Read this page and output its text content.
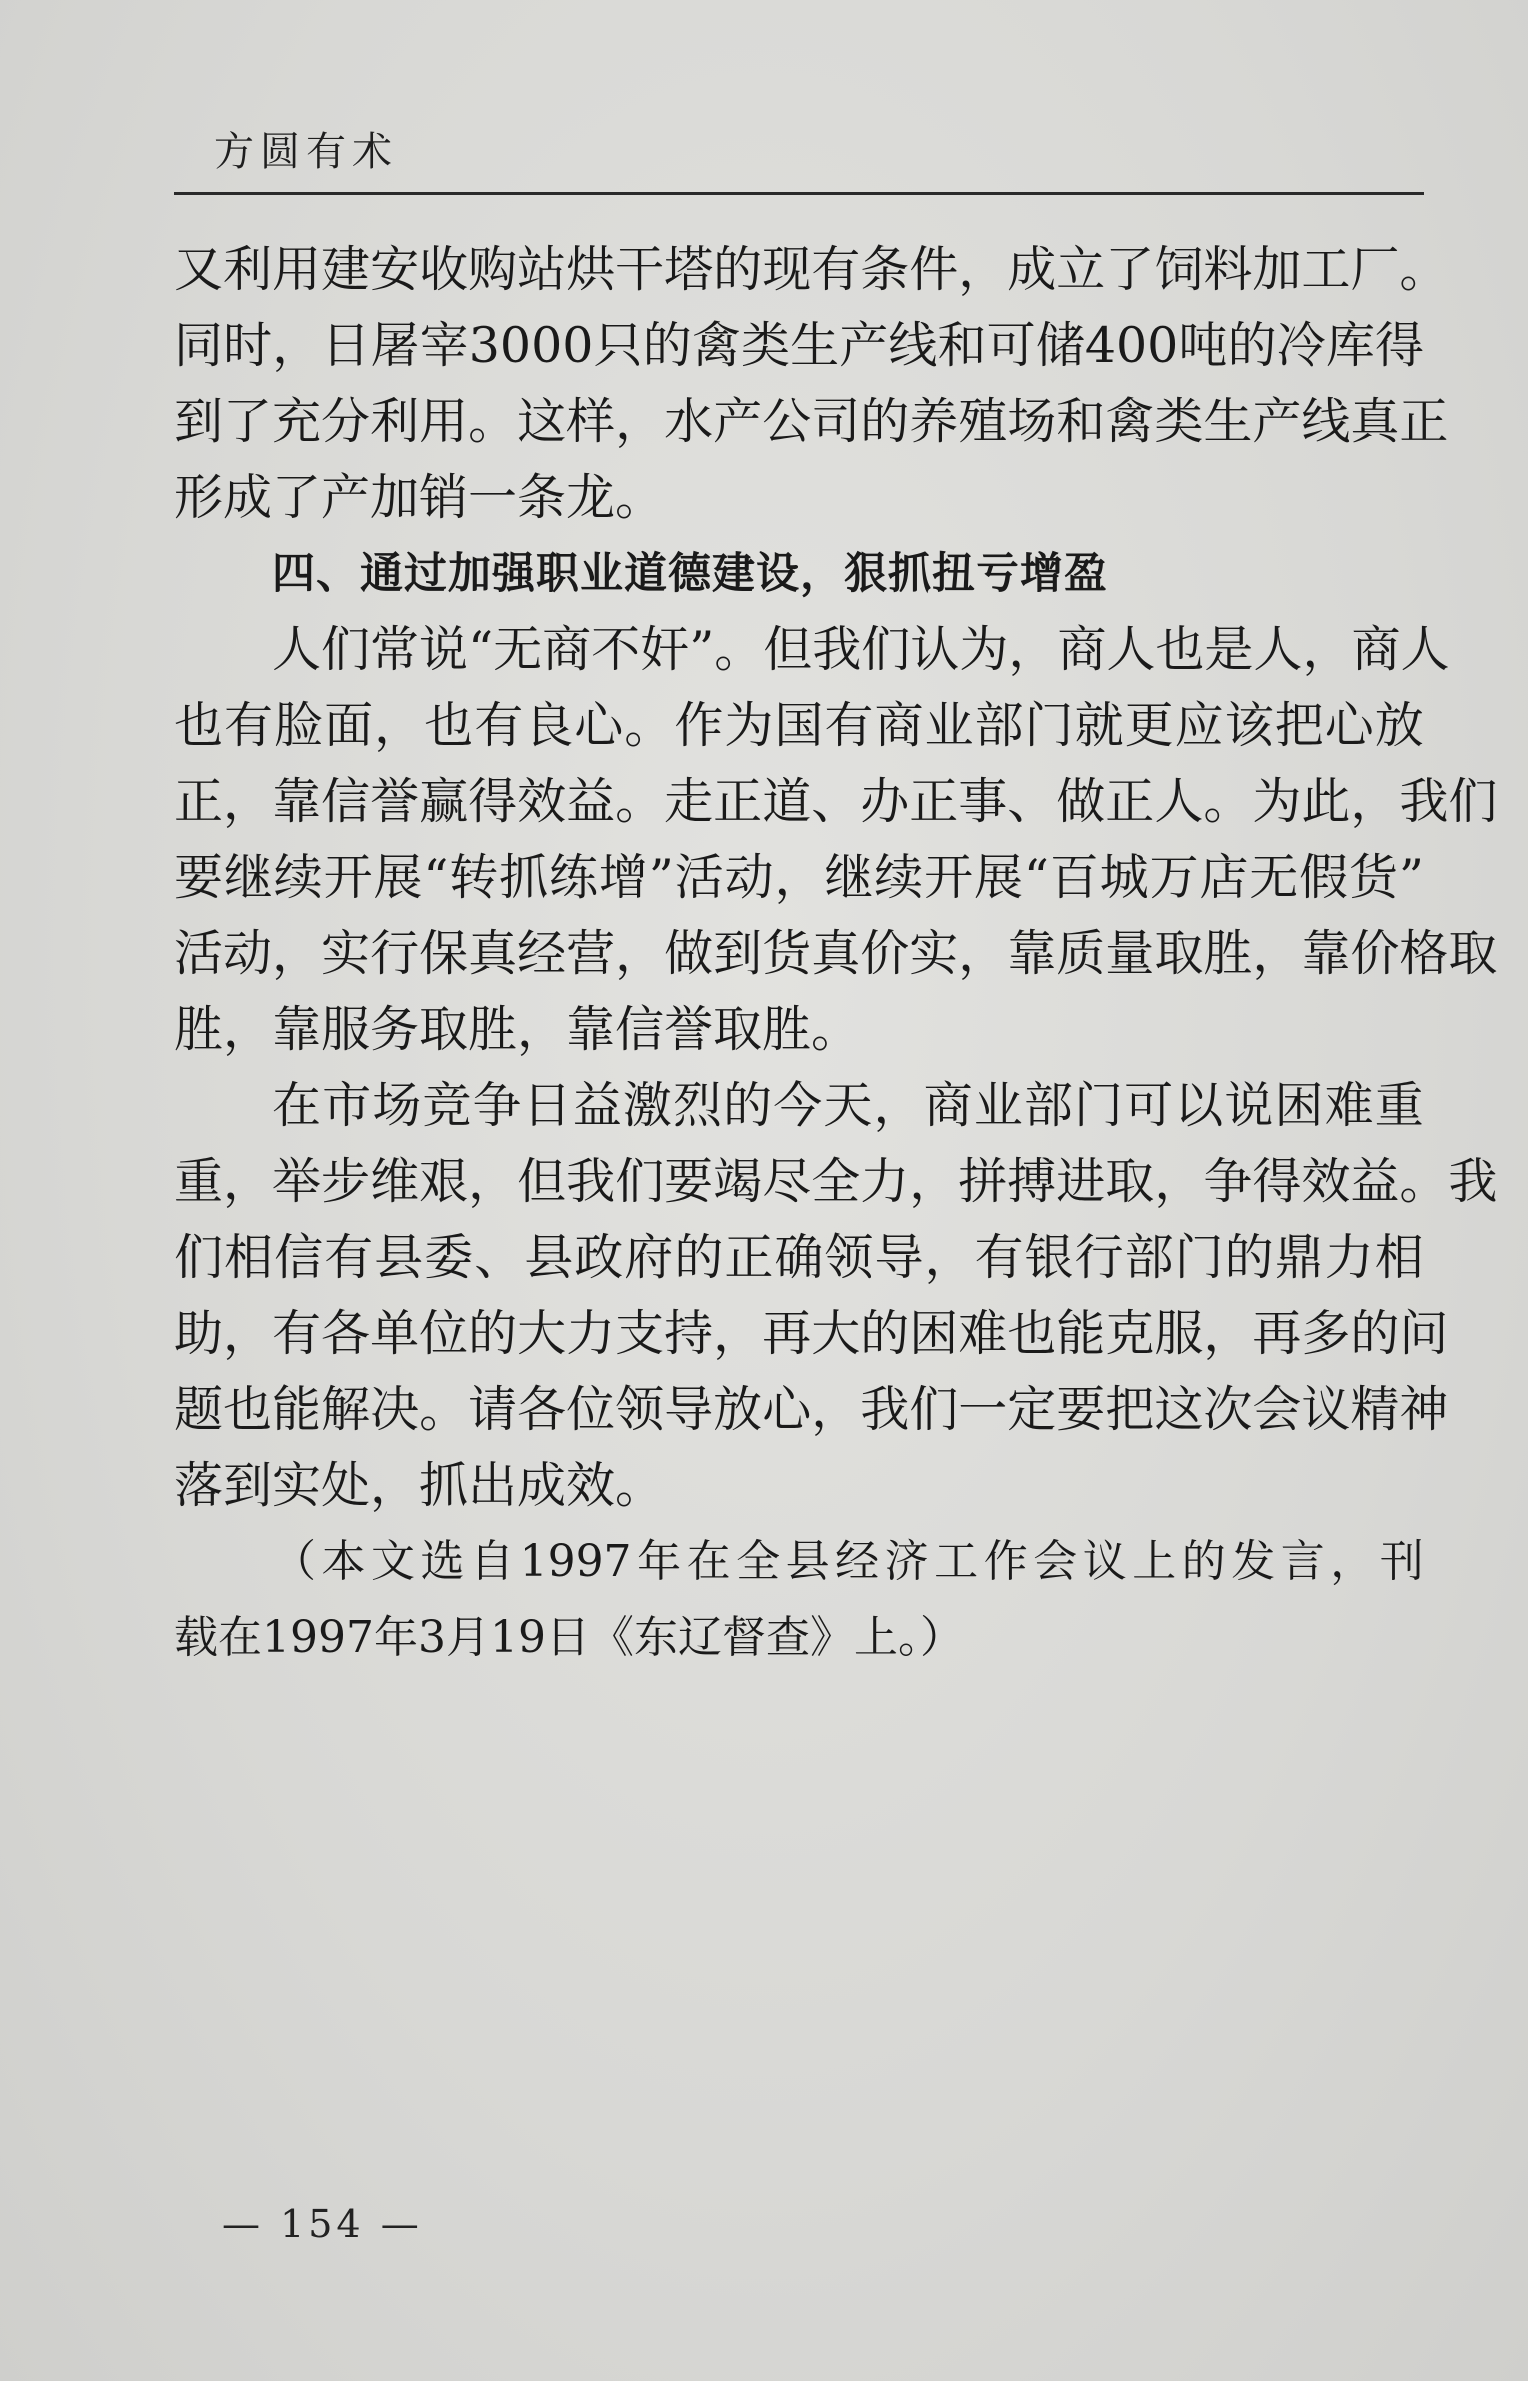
方圆有术
又 利 用 建 安 收 购 站 烘 干 塔 的 现 有 条 件 ， 成 立 了 饲 料 加 工 厂 。
同 时 ， 日 屠 宰 3000 只 的 禽 类 生 产 线 和 可 储 400 吨 的 冷 库 得
到 了 充 分 利 用 。 这 样 ， 水 产 公 司 的 养 殖 场 和 禽 类 生 产 线 真 正
形成了产加销一条龙。
四、通过加强职业道德建设，狠抓扭亏增盈
人 们 常 说 “ 无 商 不 奸 ” 。 但 我 们 认 为 ， 商 人 也 是 人 ， 商 人
也 有 脸 面 ， 也 有 良 心 。 作 为 国 有 商 业 部 门 就 更 应 该 把 心 放
正 ， 靠 信 誉 赢 得 效 益 。 走 正 道 、 办 正 事 、 做 正 人 。 为 此 ， 我 们
要 继 续 开 展 “ 转 抓 练 增 ” 活 动 ， 继 续 开 展 “ 百 城 万 店 无 假 货 ”
活 动 ， 实 行 保 真 经 营 ， 做 到 货 真 价 实 ， 靠 质 量 取 胜 ， 靠 价 格 取
胜，靠服务取胜，靠信誉取胜。
在 市 场 竞 争 日 益 激 烈 的 今 天 ， 商 业 部 门 可 以 说 困 难 重
重 ， 举 步 维 艰 ， 但 我 们 要 竭 尽 全 力 ， 拼 搏 进 取 ， 争 得 效 益 。 我
们 相 信 有 县 委 、 县 政 府 的 正 确 领 导 ， 有 银 行 部 门 的 鼎 力 相
助 ， 有 各 单 位 的 大 力 支 持 ， 再 大 的 困 难 也 能 克 服 ， 再 多 的 问
题 也 能 解 决 。 请 各 位 领 导 放 心 ， 我 们 一 定 要 把 这 次 会 议 精 神
落到实处，抓出成效。
（ 本 文 选 自 1997 年 在 全 县 经 济 工 作 会 议 上 的 发 言 ， 刊
载在1997年3月19日《东辽督查》上。）
— 154 —
